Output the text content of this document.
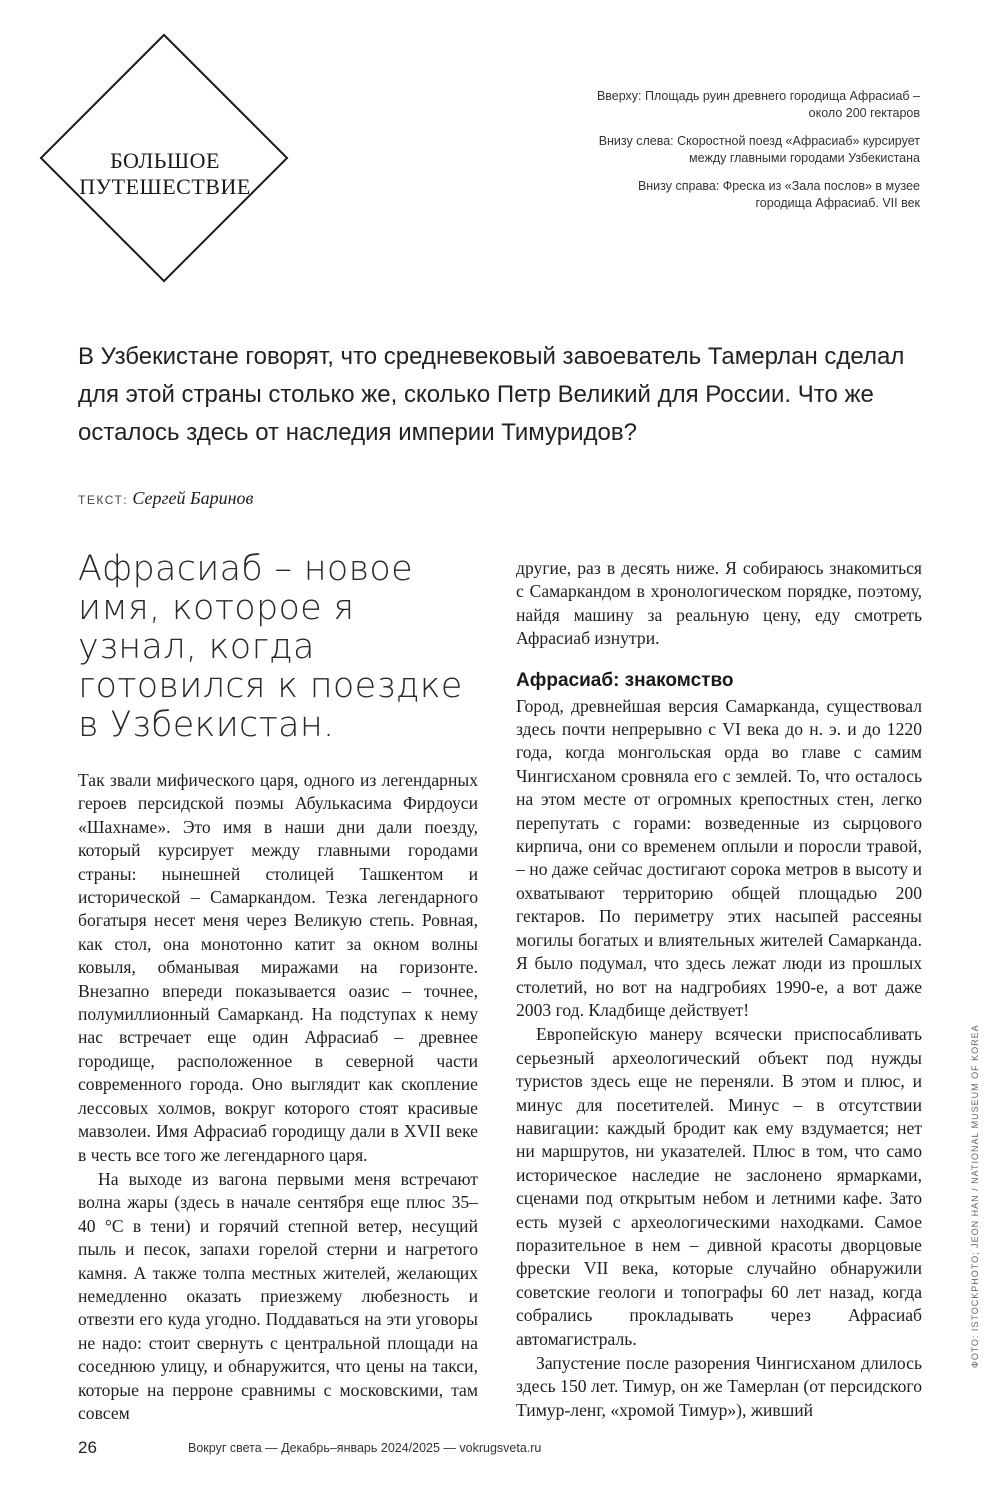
БОЛЬШОЕ
ПУТЕШЕСТВИЕ

Вверху: Площадь руин древнего городища Афрасиаб – около 200 гектаров

Внизу слева: Скоростной поезд «Афрасиаб» курсирует между главными городами Узбекистана

Внизу справа: Фреска из «Зала послов» в музее городища Афрасиаб. VII век

В Узбекистане говорят, что средневековый завоеватель Тамерлан сделал для этой страны столько же, сколько Петр Великий для России. Что же осталось здесь от наследия империи Тимуридов?

ТЕКСТ: Сергей Баринов
Афрасиаб – новое имя, которое я узнал, когда готовился к поездке в Узбекистан.

Так звали мифического царя, одного из легендарных героев персидской поэмы Абулькасима Фирдоуси «Шахнаме». Это имя в наши дни дали поезду, который курсирует между главными городами страны: нынешней столицей Ташкентом и исторической – Самаркандом. Тезка легендарного богатыря несет меня через Великую степь. Ровная, как стол, она монотонно катит за окном волны ковыля, обманывая миражами на горизонте. Внезапно впереди показывается оазис – точнее, полумиллионный Самарканд. На подступах к нему нас встречает еще один Афрасиаб – древнее городище, расположенное в северной части современного города. Оно выглядит как скопление лессовых холмов, вокруг которого стоят красивые мавзолеи. Имя Афрасиаб городищу дали в XVII веке в честь все того же легендарного царя.

На выходе из вагона первыми меня встречают волна жары (здесь в начале сентября еще плюс 35–40 °С в тени) и горячий степной ветер, несущий пыль и песок, запахи горелой стерни и нагретого камня. А также толпа местных жителей, желающих немедленно оказать приезжему любезность и отвезти его куда угодно. Поддаваться на эти уговоры не надо: стоит свернуть с центральной площади на соседнюю улицу, и обнаружится, что цены на такси, которые на перроне сравнимы с московскими, там совсем

другие, раз в десять ниже. Я собираюсь знакомиться с Самаркандом в хронологическом порядке, поэтому, найдя машину за реальную цену, еду смотреть Афрасиаб изнутри.

Афрасиаб: знакомство

Город, древнейшая версия Самарканда, существовал здесь почти непрерывно с VI века до н. э. и до 1220 года, когда монгольская орда во главе с самим Чингисханом сровняла его с землей. То, что осталось на этом месте от огромных крепостных стен, легко перепутать с горами: возведенные из сырцового кирпича, они со временем оплыли и поросли травой, – но даже сейчас достигают сорока метров в высоту и охватывают территорию общей площадью 200 гектаров. По периметру этих насыпей рассеяны могилы богатых и влиятельных жителей Самарканда. Я было подумал, что здесь лежат люди из прошлых столетий, но вот на надгробиях 1990-е, а вот даже 2003 год. Кладбище действует!

Европейскую манеру всячески приспосабливать серьезный археологический объект под нужды туристов здесь еще не переняли. В этом и плюс, и минус для посетителей. Минус – в отсутствии навигации: каждый бродит как ему вздумается; нет ни маршрутов, ни указателей. Плюс в том, что само историческое наследие не заслонено ярмарками, сценами под открытым небом и летними кафе. Зато есть музей с археологическими находками. Самое поразительное в нем – дивной красоты дворцовые фрески VII века, которые случайно обнаружили советские геологи и топографы 60 лет назад, когда собрались прокладывать через Афрасиаб автомагистраль.

Запустение после разорения Чингисханом длилось здесь 150 лет. Тимур, он же Тамерлан (от персидского Тимур-ленг, «хромой Тимур»), живший

ФОТО: ISTOCKPHOTO; JEON HAN / NATIONAL MUSEUM OF KOREA
26	Вокруг света — Декабрь–январь 2024/2025 — vokrugsveta.ru
